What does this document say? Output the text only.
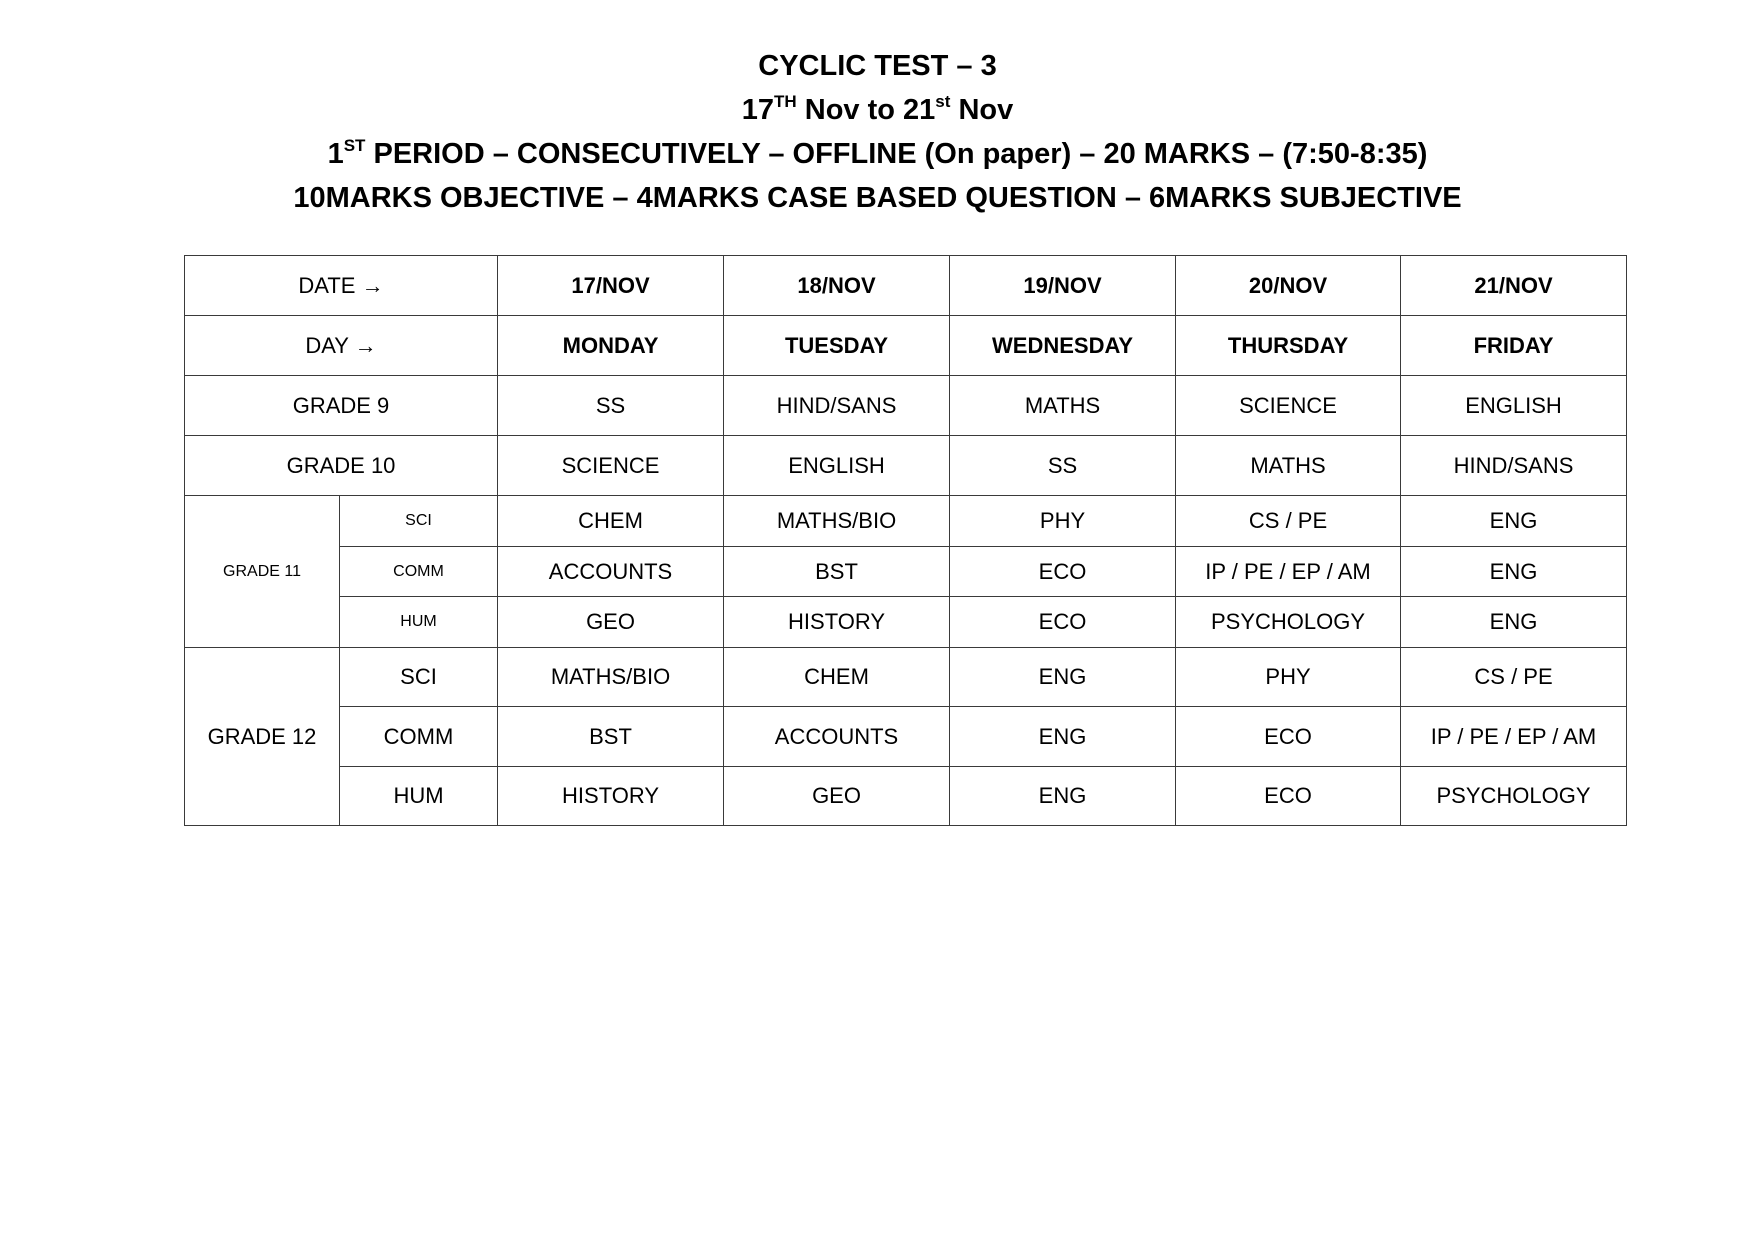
CYCLIC TEST – 3
17TH Nov to 21st Nov
1ST PERIOD – CONSECUTIVELY – OFFLINE (On paper) – 20 MARKS – (7:50-8:35)
10MARKS OBJECTIVE – 4MARKS CASE BASED QUESTION – 6MARKS SUBJECTIVE
DATE →		17/NOV	18/NOV	19/NOV	20/NOV	21/NOV
DAY →		MONDAY	TUESDAY	WEDNESDAY	THURSDAY	FRIDAY
GRADE 9		SS	HIND/SANS	MATHS	SCIENCE	ENGLISH
GRADE 10		SCIENCE	ENGLISH	SS	MATHS	HIND/SANS
GRADE 11	SCI	CHEM	MATHS/BIO	PHY	CS / PE	ENG
	COMM	ACCOUNTS	BST	ECO	IP / PE / EP / AM	ENG
	HUM	GEO	HISTORY	ECO	PSYCHOLOGY	ENG
GRADE 12	SCI	MATHS/BIO	CHEM	ENG	PHY	CS / PE
	COMM	BST	ACCOUNTS	ENG	ECO	IP / PE / EP / AM
	HUM	HISTORY	GEO	ENG	ECO	PSYCHOLOGY
